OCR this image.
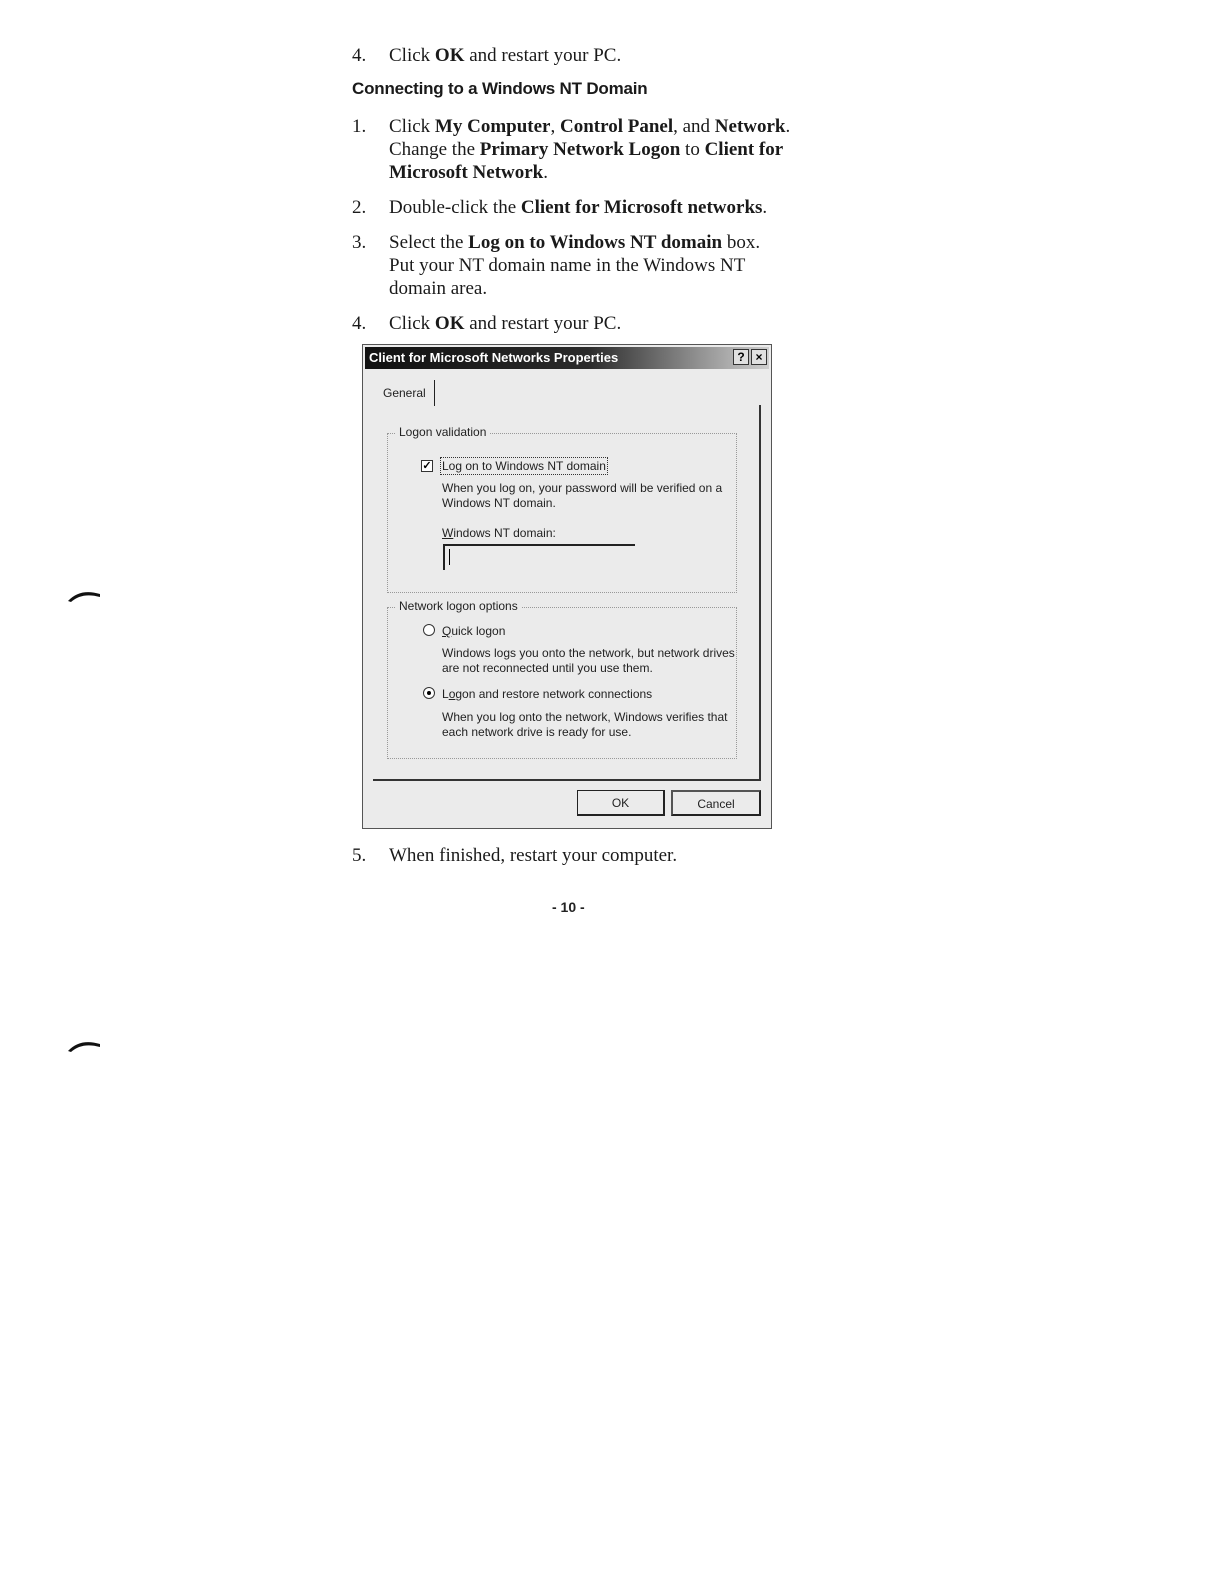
4. Click OK and restart your PC.
Connecting to a Windows NT Domain
1. Click My Computer, Control Panel, and Network. Change the Primary Network Logon to Client for Microsoft Network.
2. Double-click the Client for Microsoft networks.
3. Select the Log on to Windows NT domain box. Put your NT domain name in the Windows NT domain area.
4. Click OK and restart your PC.
Client for Microsoft Networks Properties	? ×
General
Logon validation
✓ Log on to Windows NT domain
When you log on, your password will be verified on a Windows NT domain.
Windows NT domain:
Network logon options
Quick logon
Windows logs you onto the network, but network drives are not reconnected until you use them.
Logon and restore network connections
When you log onto the network, Windows verifies that each network drive is ready for use.
OK	Cancel
5. When finished, restart your computer.
- 10 -
